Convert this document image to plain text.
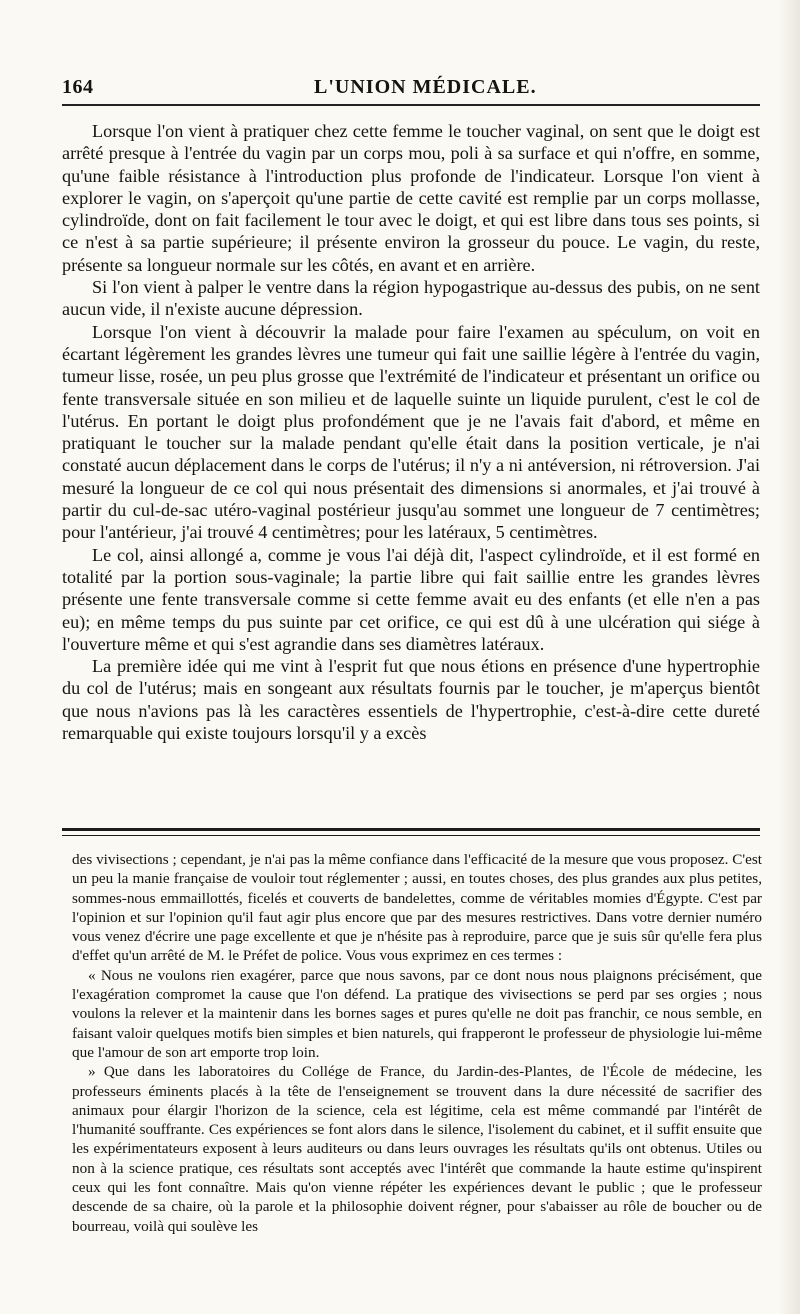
164	L'UNION MÉDICALE.

Lorsque l'on vient à pratiquer chez cette femme le toucher vaginal, on sent que le doigt est arrêté presque à l'entrée du vagin par un corps mou, poli à sa surface et qui n'offre, en somme, qu'une faible résistance à l'introduction plus profonde de l'indicateur. Lorsque l'on vient à explorer le vagin, on s'aperçoit qu'une partie de cette cavité est remplie par un corps mollasse, cylindroïde, dont on fait facilement le tour avec le doigt, et qui est libre dans tous ses points, si ce n'est à sa partie supérieure; il présente environ la grosseur du pouce. Le vagin, du reste, présente sa longueur normale sur les côtés, en avant et en arrière.

Si l'on vient à palper le ventre dans la région hypogastrique au-dessus des pubis, on ne sent aucun vide, il n'existe aucune dépression.

Lorsque l'on vient à découvrir la malade pour faire l'examen au spéculum, on voit en écartant légèrement les grandes lèvres une tumeur qui fait une saillie légère à l'entrée du vagin, tumeur lisse, rosée, un peu plus grosse que l'extrémité de l'indicateur et présentant un orifice ou fente transversale située en son milieu et de laquelle suinte un liquide purulent, c'est le col de l'utérus. En portant le doigt plus profondément que je ne l'avais fait d'abord, et même en pratiquant le toucher sur la malade pendant qu'elle était dans la position verticale, je n'ai constaté aucun déplacement dans le corps de l'utérus; il n'y a ni antéversion, ni rétroversion. J'ai mesuré la longueur de ce col qui nous présentait des dimensions si anormales, et j'ai trouvé à partir du cul-de-sac utéro-vaginal postérieur jusqu'au sommet une longueur de 7 centimètres; pour l'antérieur, j'ai trouvé 4 centimètres; pour les latéraux, 5 centimètres.

Le col, ainsi allongé a, comme je vous l'ai déjà dit, l'aspect cylindroïde, et il est formé en totalité par la portion sous-vaginale; la partie libre qui fait saillie entre les grandes lèvres présente une fente transversale comme si cette femme avait eu des enfants (et elle n'en a pas eu); en même temps du pus suinte par cet orifice, ce qui est dû à une ulcération qui siége à l'ouverture même et qui s'est agrandie dans ses diamètres latéraux.

La première idée qui me vint à l'esprit fut que nous étions en présence d'une hypertrophie du col de l'utérus; mais en songeant aux résultats fournis par le toucher, je m'aperçus bientôt que nous n'avions pas là les caractères essentiels de l'hypertrophie, c'est-à-dire cette dureté remarquable qui existe toujours lorsqu'il y a excès

des vivisections ; cependant, je n'ai pas la même confiance dans l'efficacité de la mesure que vous proposez. C'est un peu la manie française de vouloir tout réglementer ; aussi, en toutes choses, des plus grandes aux plus petites, sommes-nous emmaillottés, ficelés et couverts de bandelettes, comme de véritables momies d'Égypte. C'est par l'opinion et sur l'opinion qu'il faut agir plus encore que par des mesures restrictives. Dans votre dernier numéro vous venez d'écrire une page excellente et que je n'hésite pas à reproduire, parce que je suis sûr qu'elle fera plus d'effet qu'un arrêté de M. le Préfet de police. Vous vous exprimez en ces termes :

« Nous ne voulons rien exagérer, parce que nous savons, par ce dont nous nous plaignons précisément, que l'exagération compromet la cause que l'on défend. La pratique des vivisections se perd par ses orgies ; nous voulons la relever et la maintenir dans les bornes sages et pures qu'elle ne doit pas franchir, ce nous semble, en faisant valoir quelques motifs bien simples et bien naturels, qui frapperont le professeur de physiologie lui-même que l'amour de son art emporte trop loin.

» Que dans les laboratoires du Collége de France, du Jardin-des-Plantes, de l'École de médecine, les professeurs éminents placés à la tête de l'enseignement se trouvent dans la dure nécessité de sacrifier des animaux pour élargir l'horizon de la science, cela est légitime, cela est même commandé par l'intérêt de l'humanité souffrante. Ces expériences se font alors dans le silence, l'isolement du cabinet, et il suffit ensuite que les expérimentateurs exposent à leurs auditeurs ou dans leurs ouvrages les résultats qu'ils ont obtenus. Utiles ou non à la science pratique, ces résultats sont acceptés avec l'intérêt que commande la haute estime qu'inspirent ceux qui les font connaître. Mais qu'on vienne répéter les expériences devant le public ; que le professeur descende de sa chaire, où la parole et la philosophie doivent régner, pour s'abaisser au rôle de boucher ou de bourreau, voilà qui soulève les
